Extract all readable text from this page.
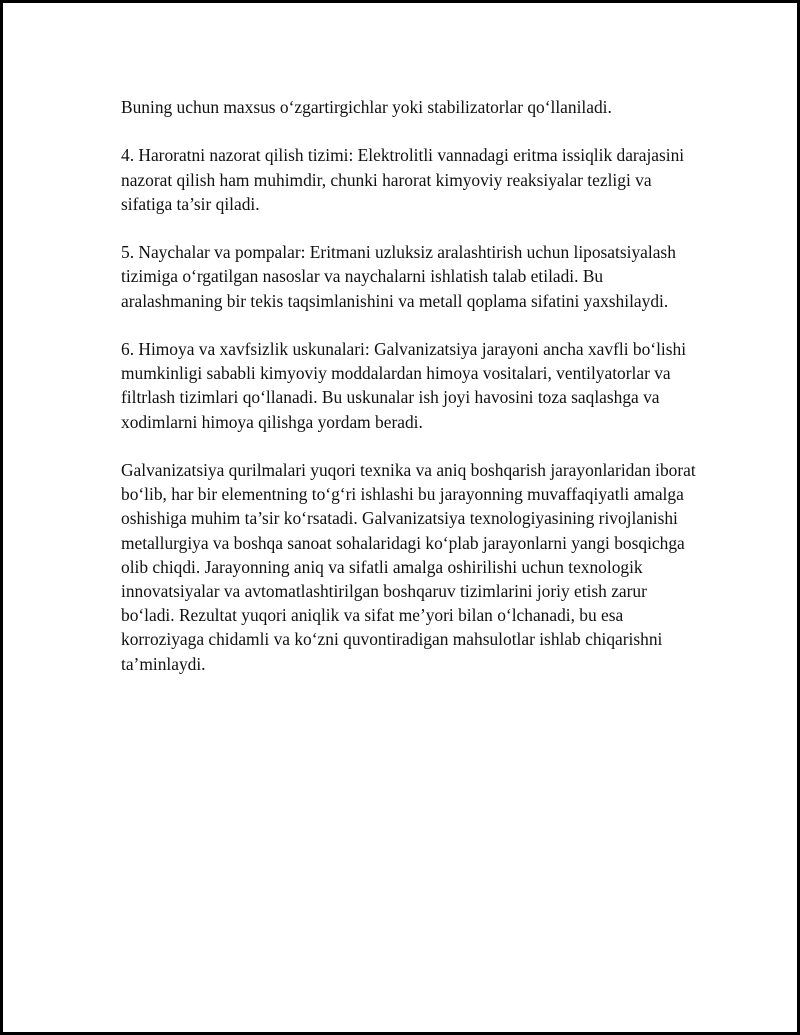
Buning uchun maxsus o‘zgartirgichlar yoki stabilizatorlar qo‘llaniladi.

4. Haroratni nazorat qilish tizimi: Elektrolitli vannadagi eritma issiqlik darajasini nazorat qilish ham muhimdir, chunki harorat kimyoviy reaksiyalar tezligi va sifatiga ta’sir qiladi.

5. Naychalar va pompalar: Eritmani uzluksiz aralashtirish uchun liposatsiyalash tizimiga o‘rgatilgan nasoslar va naychalarni ishlatish talab etiladi. Bu aralashmaning bir tekis taqsimlanishini va metall qoplama sifatini yaxshilaydi.

6. Himoya va xavfsizlik uskunalari: Galvanizatsiya jarayoni ancha xavfli bo‘lishi mumkinligi sababli kimyoviy moddalardan himoya vositalari, ventilyatorlar va filtrlash tizimlari qo‘llanadi. Bu uskunalar ish joyi havosini toza saqlashga va xodimlarni himoya qilishga yordam beradi.

Galvanizatsiya qurilmalari yuqori texnika va aniq boshqarish jarayonlaridan iborat bo‘lib, har bir elementning to‘g‘ri ishlashi bu jarayonning muvaffaqiyatli amalga oshishiga muhim ta’sir ko‘rsatadi. Galvanizatsiya texnologiyasining rivojlanishi metallurgiya va boshqa sanoat sohalaridagi ko‘plab jarayonlarni yangi bosqichga olib chiqdi. Jarayonning aniq va sifatli amalga oshirilishi uchun texnologik innovatsiyalar va avtomatlashtirilgan boshqaruv tizimlarini joriy etish zarur bo‘ladi. Rezultat yuqori aniqlik va sifat me’yori bilan o‘lchanadi, bu esa korroziyaga chidamli va ko‘zni quvontiradigan mahsulotlar ishlab chiqarishni ta’minlaydi.
